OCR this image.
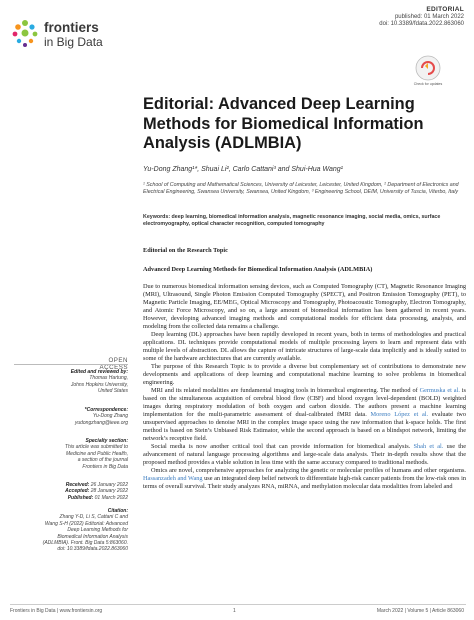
frontiers
in Big Data
EDITORIAL
published: 01 March 2022
doi: 10.3389/fdata.2022.863060
Check for updates
Editorial: Advanced Deep Learning Methods for Biomedical Information Analysis (ADLMBIA)
Yu-Dong Zhang¹*, Shuai Li², Carlo Cattani³ and Shui-Hua Wang¹
¹ School of Computing and Mathematical Sciences, University of Leicester, Leicester, United Kingdom, ² Department of Electronics and Electrical Engineering, Swansea University, Swansea, United Kingdom, ³ Engineering School, DEIM, University of Tuscia, Viterbo, Italy
Keywords: deep learning, biomedical information analysis, magnetic resonance imaging, social media, omics, surface electromyography, optical character recognition, computed tomography
Editorial on the Research Topic
Advanced Deep Learning Methods for Biomedical Information Analysis (ADLMBIA)

Due to numerous biomedical information sensing devices, such as Computed Tomography (CT), Magnetic Resonance Imaging (MRI), Ultrasound, Single Photon Emission Computed Tomography (SPECT), and Positron Emission Tomography (PET), to Magnetic Particle Imaging, EE/MEG, Optical Microscopy and Tomography, Photoacoustic Tomography, Electron Tomography, and Atomic Force Microscopy, and so on, a large amount of biomedical information has been gathered in recent years. However, developing advanced imaging methods and computational models for efficient data processing, analysis, and modeling from the collected data remains a challenge.

Deep learning (DL) approaches have been rapidly developed in recent years, both in terms of methodologies and practical applications. DL techniques provide computational models of multiple processing layers to learn and represent data with multiple levels of abstraction. DL allows the capture of intricate structures of large-scale data implicitly and is ideally suited to some of the hardware architectures that are currently available.

The purpose of this Research Topic is to provide a diverse but complementary set of contributions to demonstrate new developments and applications of deep learning and computational machine learning to solve problems in biomedical engineering.

MRI and its related modalities are fundamental imaging tools in biomedical engineering. The method of Germuska et al. is based on the simultaneous acquisition of cerebral blood flow (CBF) and blood oxygen level-dependent (BOLD) weighted images during respiratory modulation of both oxygen and carbon dioxide. The authors present a machine learning implementation for the multi-parametric assessment of dual-calibrated fMRI data. Moreno López et al. evaluate two unsupervised approaches to denoise MRI in the complex image space using the raw information that k-space holds. The first method is based on Stein’s Unbiased Risk Estimator, while the second approach is based on a blindspot network, limiting the network’s receptive field.

Social media is now another critical tool that can provide information for biomedical analysis. Shah et al. use the advancement of natural language processing algorithms and large-scale data analysis. Their in-depth results show that the proposed method provides a viable solution in less time with the same accuracy compared to traditional methods.

Omics are novel, comprehensive approaches for analyzing the genetic or molecular profiles of humans and other organisms. Hassanzadeh and Wang use an integrated deep belief network to differentiate high-risk cancer patients from the low-risk ones in terms of overall survival. Their study analyzes RNA, miRNA, and methylation molecular data modalities from labeled and

OPEN ACCESS
Edited and reviewed by:
Thomas Hartung,
Johns Hopkins University,
United States
*Correspondence:
Yu-Dong Zhang
yudongzhang@ieee.org
Specialty section:
This article was submitted to
Medicine and Public Health,
a section of the journal
Frontiers in Big Data
Received: 26 January 2022
Accepted: 28 January 2022
Published: 01 March 2022
Citation:
Zhang Y-D, Li S, Cattani C and
Wang S-H (2022) Editorial: Advanced
Deep Learning Methods for
Biomedical Information Analysis
(ADLMBIA). Front. Big Data 5:863060.
doi: 10.3389/fdata.2022.863060
Frontiers in Big Data | www.frontiersin.org	1	March 2022 | Volume 5 | Article 863060
